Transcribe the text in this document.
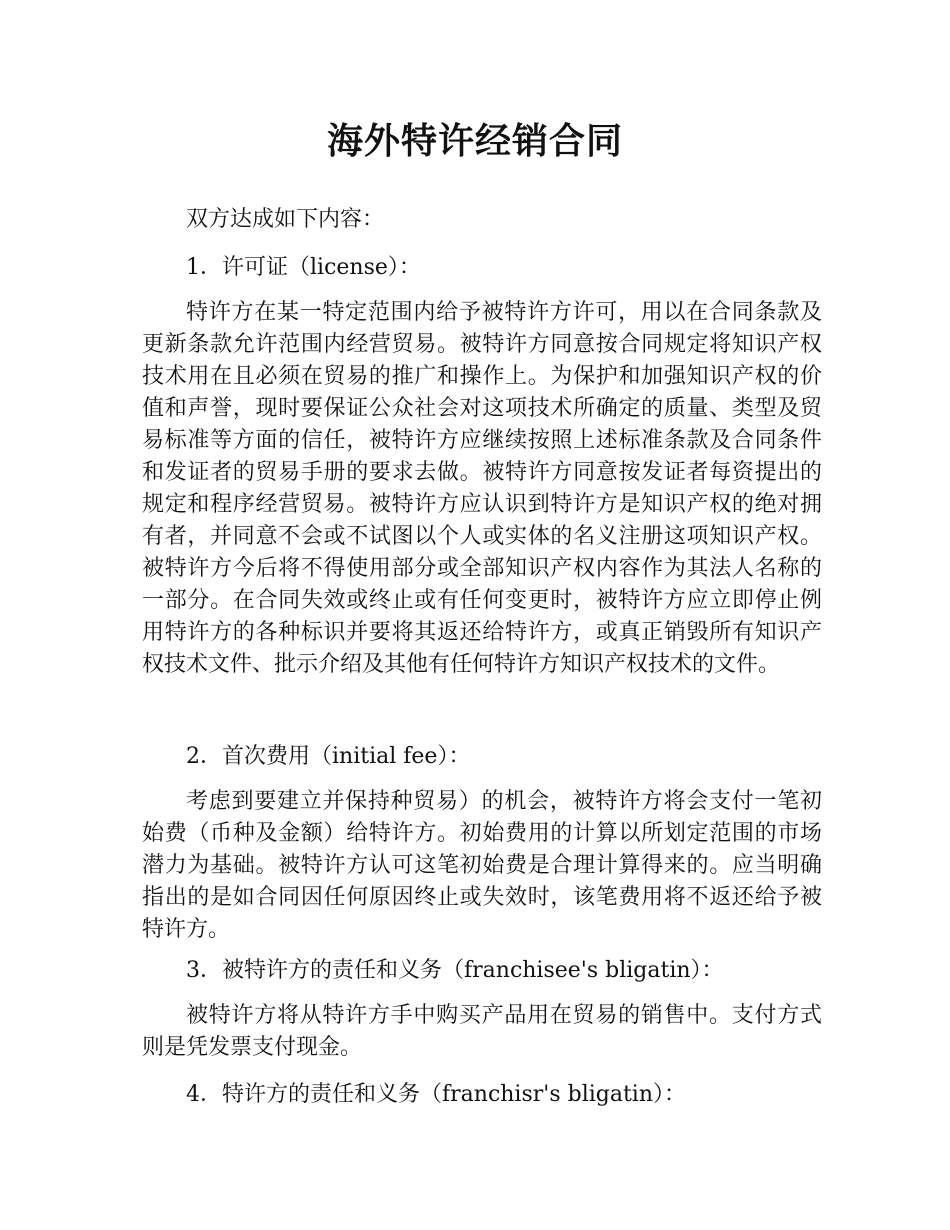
海外特许经销合同

双方达成如下内容：

1．许可证（license）：

特许方在某一特定范围内给予被特许方许可，用以在合同条款及更新条款允许范围内经营贸易。被特许方同意按合同规定将知识产权技术用在且必须在贸易的推广和操作上。为保护和加强知识产权的价值和声誉，现时要保证公众社会对这项技术所确定的质量、类型及贸易标准等方面的信任，被特许方应继续按照上述标准条款及合同条件和发证者的贸易手册的要求去做。被特许方同意按发证者每资提出的规定和程序经营贸易。被特许方应认识到特许方是知识产权的绝对拥有者，并同意不会或不试图以个人或实体的名义注册这项知识产权。被特许方今后将不得使用部分或全部知识产权内容作为其法人名称的一部分。在合同失效或终止或有任何变更时，被特许方应立即停止例用特许方的各种标识并要将其返还给特许方，或真正销毁所有知识产权技术文件、批示介绍及其他有任何特许方知识产权技术的文件。

2．首次费用（initial fee）：

考虑到要建立并保持种贸易）的机会，被特许方将会支付一笔初始费（币种及金额）给特许方。初始费用的计算以所划定范围的市场潜力为基础。被特许方认可这笔初始费是合理计算得来的。应当明确指出的是如合同因任何原因终止或失效时，该笔费用将不返还给予被特许方。

3．被特许方的责任和义务（franchisee's bligatin）：

被特许方将从特许方手中购买产品用在贸易的销售中。支付方式则是凭发票支付现金。

4．特许方的责任和义务（franchisr's bligatin）：
